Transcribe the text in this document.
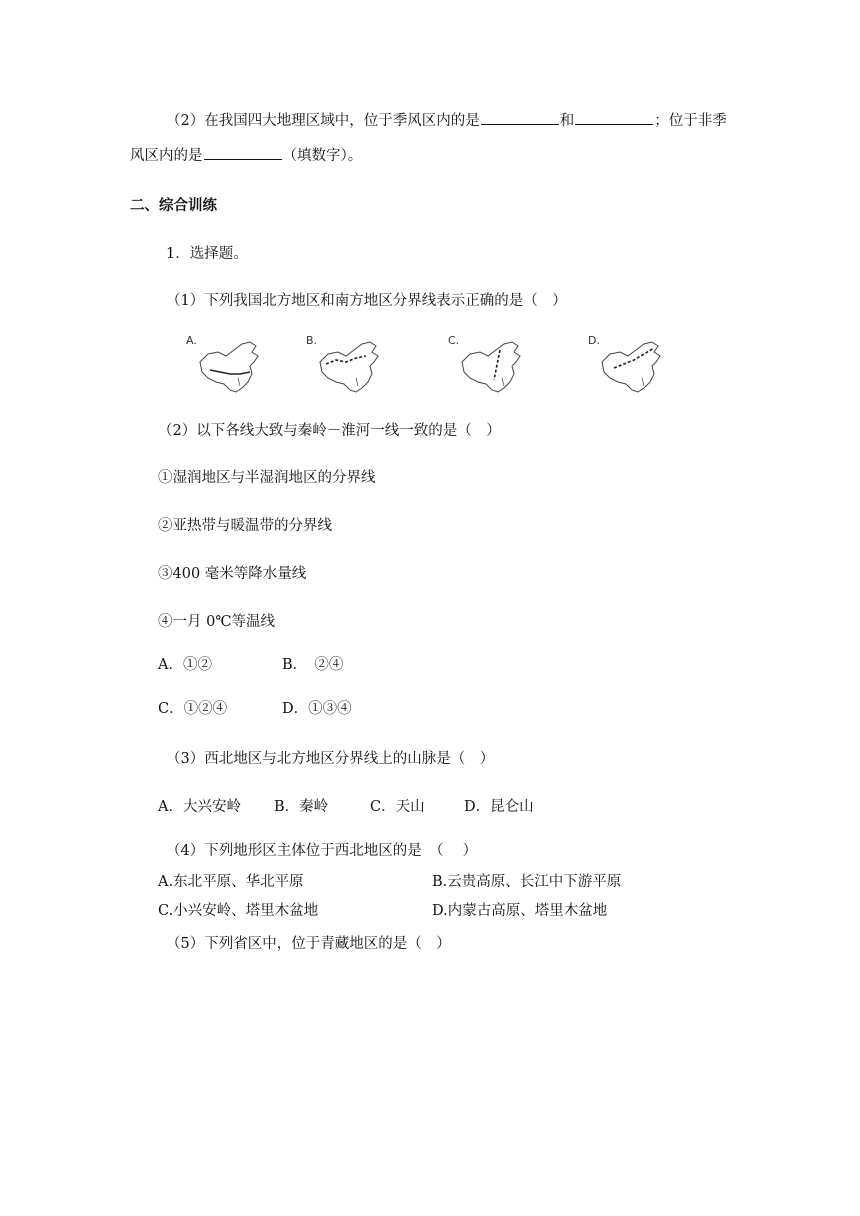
（2）在我国四大地理区域中，位于季风区内的是	和	；位于非季
风区内的是	（填数字）。
二、综合训练
1．选择题。
（1）下列我国北方地区和南方地区分界线表示正确的是（　）
A.	B.	C.	D.
（2）以下各线大致与秦岭－淮河一线一致的是（　）
①湿润地区与半湿润地区的分界线
②亚热带与暖温带的分界线
③400 毫米等降水量线
④一月 0℃等温线
A．①②	B．　②④
C．①②④	D．①③④
（3）西北地区与北方地区分界线上的山脉是（　）
A．大兴安岭 B．秦岭	C．天山	D．昆仑山
（4）下列地形区主体位于西北地区的是　（　 ）
A.东北平原、华北平原	B.云贵高原、长江中下游平原
C.小兴安岭、塔里木盆地	D.内蒙古高原、塔里木盆地
（5）下列省区中，位于青藏地区的是（　）
